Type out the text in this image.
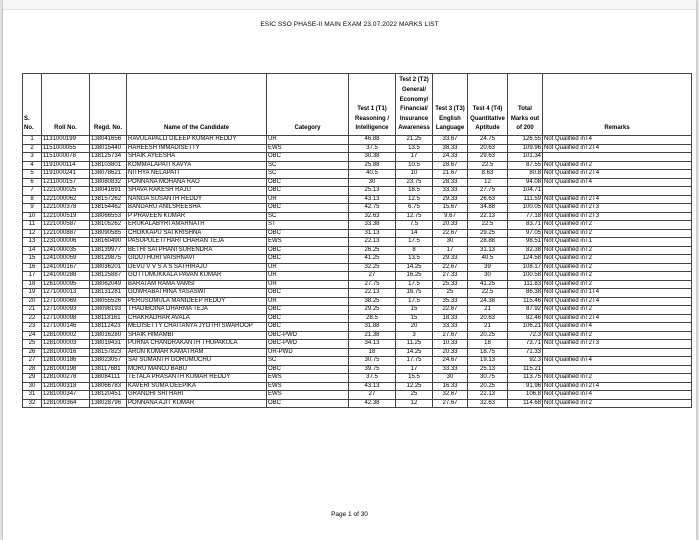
ESIC SSO PHASE-II MAIN EXAM 23.07.2022 MARKS LIST
S. No.	Roll No.	Regd. No.	Name of the Candidate	Category	Test 1 (T1) Reasoning / Intelligence	Test 2 (T2) General/ Economy/ Financial/ Insurance Awareness	Test 3 (T3) English Language	Test 4 (T4) Quantitative Aptitude	Total Marks out of 200	Remarks
1	1131000199	138041656	RAVULAPALLI DILEEP KUMAR REDDY	UR	46.88	21.25	33.67	24.75	126.55	Not Qualified inT4
2	1151000055	138015440	HAREESH IMMADISETTY	EWS	37.5	13.5	38.33	20.63	109.96	Not Qualified inT2T4
3	1151000078	138125734	SHAIK AYEESHA	OBC	30.38	17	24.33	29.63	101.34	
4	1191000114	138103801	KOMMALAPATI KAVYA	SC	25.88	10.5	28.67	22.5	87.55	Not Qualified inT2
5	1191000241	138078621	NITHYA NELAPATI	SC	40.5	10	21.67	8.63	80.8	Not Qualified inT2T4
6	1211000157	138080832	PONNANA MOHANA RAO	OBC	30	23.75	28.33	12	94.08	Not Qualified inT4
7	1221000025	138041691	SHAVA RAKESH RAJU	OBC	25.13	18.5	33.33	27.75	104.71	
8	1221000062	138157262	NANGA SUSANTH REDDY	UR	43.13	12.5	29.33	26.63	111.59	Not Qualified inT2T4
9	1221000378	138154462	BANDARU ANILSREESHA	OBC	42.75	6.75	15.67	34.88	100.05	Not Qualified inT2T3
10	1221000519	138066553	P PRAVEEN KUMAR	SC	32.63	12.75	9.67	22.13	77.18	Not Qualified inT2T3
11	1221000587	138105262	ERUKALABYRI AMARNATH	ST	33.38	7.5	20.33	22.5	83.71	Not Qualified inT2
12	1221000887	138090585	CHOKKAPU SAI KRISHNA	OBC	31.13	14	22.67	29.25	97.05	Not Qualified inT2
13	1231000006	138160490	PASUPULETI HARI CHARAN TEJA	EWS	22.13	17.5	30	28.88	98.51	Not Qualified inT1
14	1241000035	138139977	BETHI SAI PHANI SURENDRA	OBC	26.25	8	17	31.13	82.38	Not Qualified inT2
15	1241000059	138129875	GIDUTHURI VAISHNAVI	OBC	41.25	13.5	29.33	40.5	124.58	Not Qualified inT2
16	1241000167	138036201	DEVU V V S A S SATHIRAJU	UR	32.25	14.25	22.67	39	108.17	Not Qualified inT2
17	1241000288	138125887	GOTTUMUKKALA PAVAN KUMAR	UR	27	16.25	27.33	30	100.58	Not Qualified inT2
18	1261000095	138062049	BARATAM RAMA VAMSI	UR	27.75	17.5	25.33	41.25	111.83	Not Qualified inT2
19	1271000013	138131281	GOWRABATHINA YASASWI	OBC	22.13	16.75	25	22.5	86.38	Not Qualified inT1T4
20	1271000069	138055526	PERUSOMULA MANIDEEP REDDY	UR	38.25	17.5	35.33	24.38	115.46	Not Qualified inT2T4
21	1271000093	138098193	THADIBOINA DHARMA TEJA	OBC	29.25	15	22.67	21	87.92	Not Qualified inT2
22	1271000098	138118161	CHAKRADHAR AVALA	OBC	28.5	15	18.33	20.63	82.46	Not Qualified inT2T4
23	1271000146	138112423	MEDISETTY CHAITANYA JYOTHI SWAROOP	OBC	31.88	20	33.33	21	106.21	Not Qualified inT4
24	1281000002	138016280	SHAIK HIMAMBI	OBC-PWD	21.38	3	27.67	20.25	72.3	Not Qualified inT2
25	1281000003	138019431	PURNA CHANDRAKANTH THUPAKULA	OBC-PWD	34.13	11.25	10.33	18	73.71	Not Qualified inT2T3
26	1281000016	138157823	ARUN KUMAR KAMATHAM	UR-PWD	18	14.25	20.33	18.75	71.33	
27	1281000186	138023057	SAI SUMANTH GORUMUCHU	SC	30.75	17.75	24.67	19.13	92.3	Not Qualified inT4
28	1281000198	138117681	MORU MANOJ BABU	OBC	39.75	17	33.33	25.13	115.21	
29	1281000278	138084111	TETALA PRASANTH KUMAR REDDY	EWS	37.5	15.5	30	30.75	113.75	Not Qualified inT2
30	1281000318	138066783	KAVERI SUMA DEEPIKA	EWS	43.13	12.25	16.33	20.25	91.96	Not Qualified inT2T4
31	1281000347	138120451	GRANDHI SRI HARI	EWS	27	25	32.67	22.13	106.8	Not Qualified inT4
32	1281000364	138028796	PONNANA AJIT KUMAR	OBC	42.38	12	27.67	32.63	114.68	Not Qualified inT2
Page 1 of 30
